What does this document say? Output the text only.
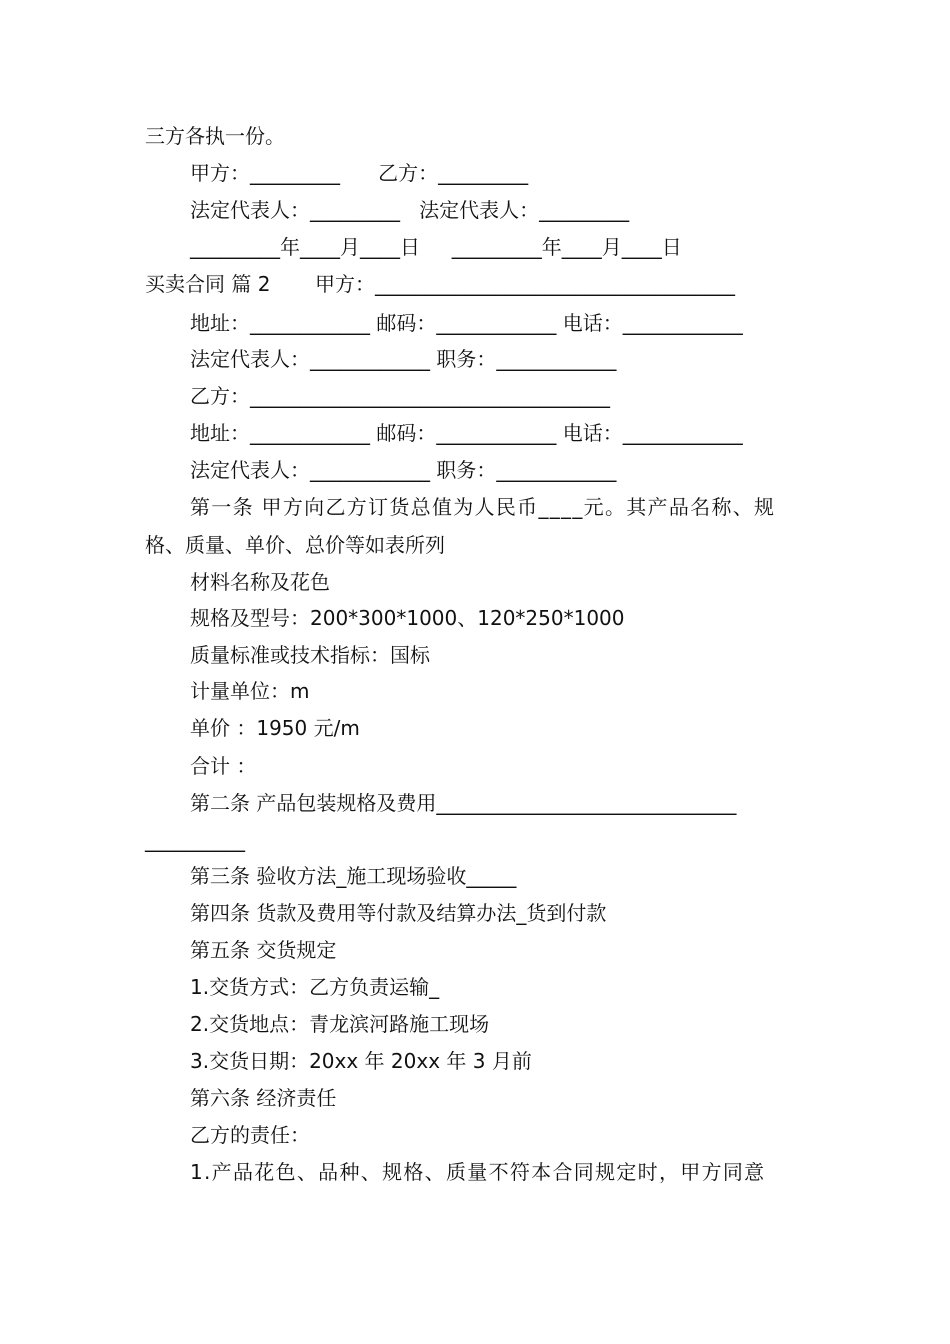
三方各执一份。
甲方：_________      乙方：_________
法定代表人：_________   法定代表人：_________
_________年____月____日     _________年____月____日
买卖合同 篇 2       甲方：____________________________________
地址：____________ 邮码：____________ 电话：____________
法定代表人：____________ 职务：____________
乙方：____________________________________
地址：____________ 邮码：____________ 电话：____________
法定代表人：____________ 职务：____________
第一条 甲方向乙方订货总值为人民币____元。其产品名称、规
格、质量、单价、总价等如表所列
材料名称及花色
规格及型号：200*300*1000、120*250*1000
质量标准或技术指标：国标
计量单位：m
单价 ：1950 元/m
合计 ：
第二条 产品包装规格及费用______________________________
__________
第三条 验收方法_施工现场验收_____
第四条 货款及费用等付款及结算办法_货到付款
第五条 交货规定
1.交货方式：乙方负责运输_
2.交货地点：青龙滨河路施工现场
3.交货日期：20xx 年 20xx 年 3 月前
第六条 经济责任
乙方的责任：
1.产品花色、品种、规格、质量不符本合同规定时，甲方同意
